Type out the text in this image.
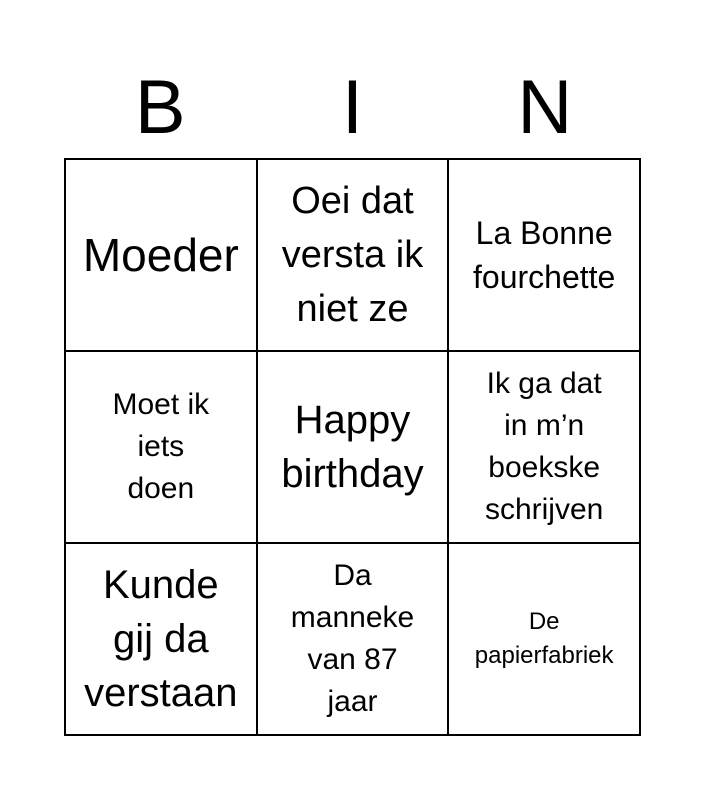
B	I	N
Moeder
Oei dat
versta ik
niet ze
La Bonne
fourchette
Moet ik
iets
doen
Happy
birthday
Ik ga dat
in m’n
boekske
schrijven
Kunde
gij da
verstaan
Da
manneke
van 87
jaar
De
papierfabriek
